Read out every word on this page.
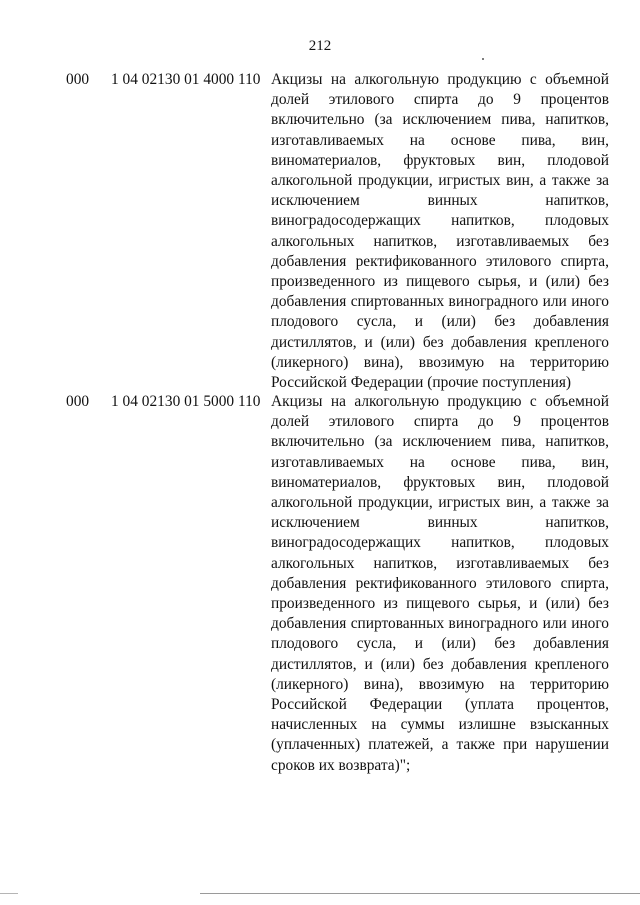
212
000 1 04 02130 01 4000 110 Акцизы на алкогольную продукцию с объемной долей этилового спирта до 9 процентов включительно (за исключением пива, напитков, изготавливаемых на основе пива, вин, виноматериалов, фруктовых вин, плодовой алкогольной продукции, игристых вин, а также за исключением винных напитков, виноградосодержащих напитков, плодовых алкогольных напитков, изготавливаемых без добавления ректификованного этилового спирта, произведенного из пищевого сырья, и (или) без добавления спиртованных виноградного или иного плодового сусла, и (или) без добавления дистиллятов, и (или) без добавления крепленого (ликерного) вина), ввозимую на территорию Российской Федерации (прочие поступления)
000 1 04 02130 01 5000 110 Акцизы на алкогольную продукцию с объемной долей этилового спирта до 9 процентов включительно (за исключением пива, напитков, изготавливаемых на основе пива, вин, виноматериалов, фруктовых вин, плодовой алкогольной продукции, игристых вин, а также за исключением винных напитков, виноградосодержащих напитков, плодовых алкогольных напитков, изготавливаемых без добавления ректификованного этилового спирта, произведенного из пищевого сырья, и (или) без добавления спиртованных виноградного или иного плодового сусла, и (или) без добавления дистиллятов, и (или) без добавления крепленого (ликерного) вина), ввозимую на территорию Российской Федерации (уплата процентов, начисленных на суммы излишне взысканных (уплаченных) платежей, а также при нарушении сроков их возврата)";
